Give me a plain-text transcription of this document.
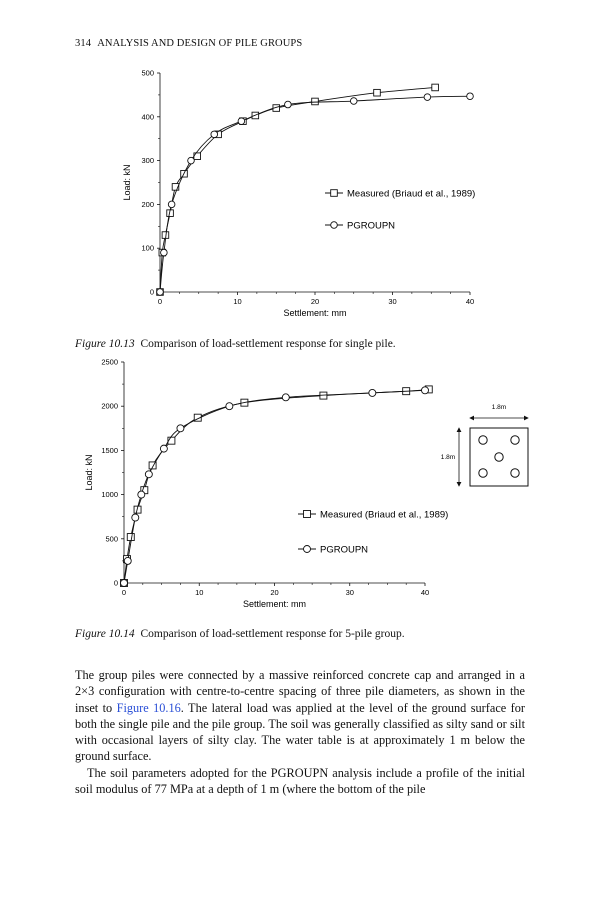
314 ANALYSIS AND DESIGN OF PILE GROUPS
0
100
200
300
400
500
0	10	20	30	40
Settlement: mm
Load: kN	Measured (Briaud et al., 1989)
PGROUPN
Figure 10.13 Comparison of load-settlement response for single pile.
0
500
1000
1500
2000
2500
0	10	20	30	40
Settlement: mm
Load: kN
Measured (Briaud et al., 1989)
PGROUPN
1.8m
1.8m
Figure 10.14 Comparison of load-settlement response for 5-pile group.

The group piles were connected by a massive reinforced concrete cap and arranged in a 2×3 configuration with centre-to-centre spacing of three pile diameters, as shown in the inset to Figure 10.16. The lateral load was applied at the level of the ground surface for both the single pile and the pile group. The soil was generally classified as silty sand or silt with occasional layers of silty clay. The water table is at approximately 1 m below the ground surface.

The soil parameters adopted for the PGROUPN analysis include a profile of the initial soil modulus of 77 MPa at a depth of 1 m (where the bottom of the pile
